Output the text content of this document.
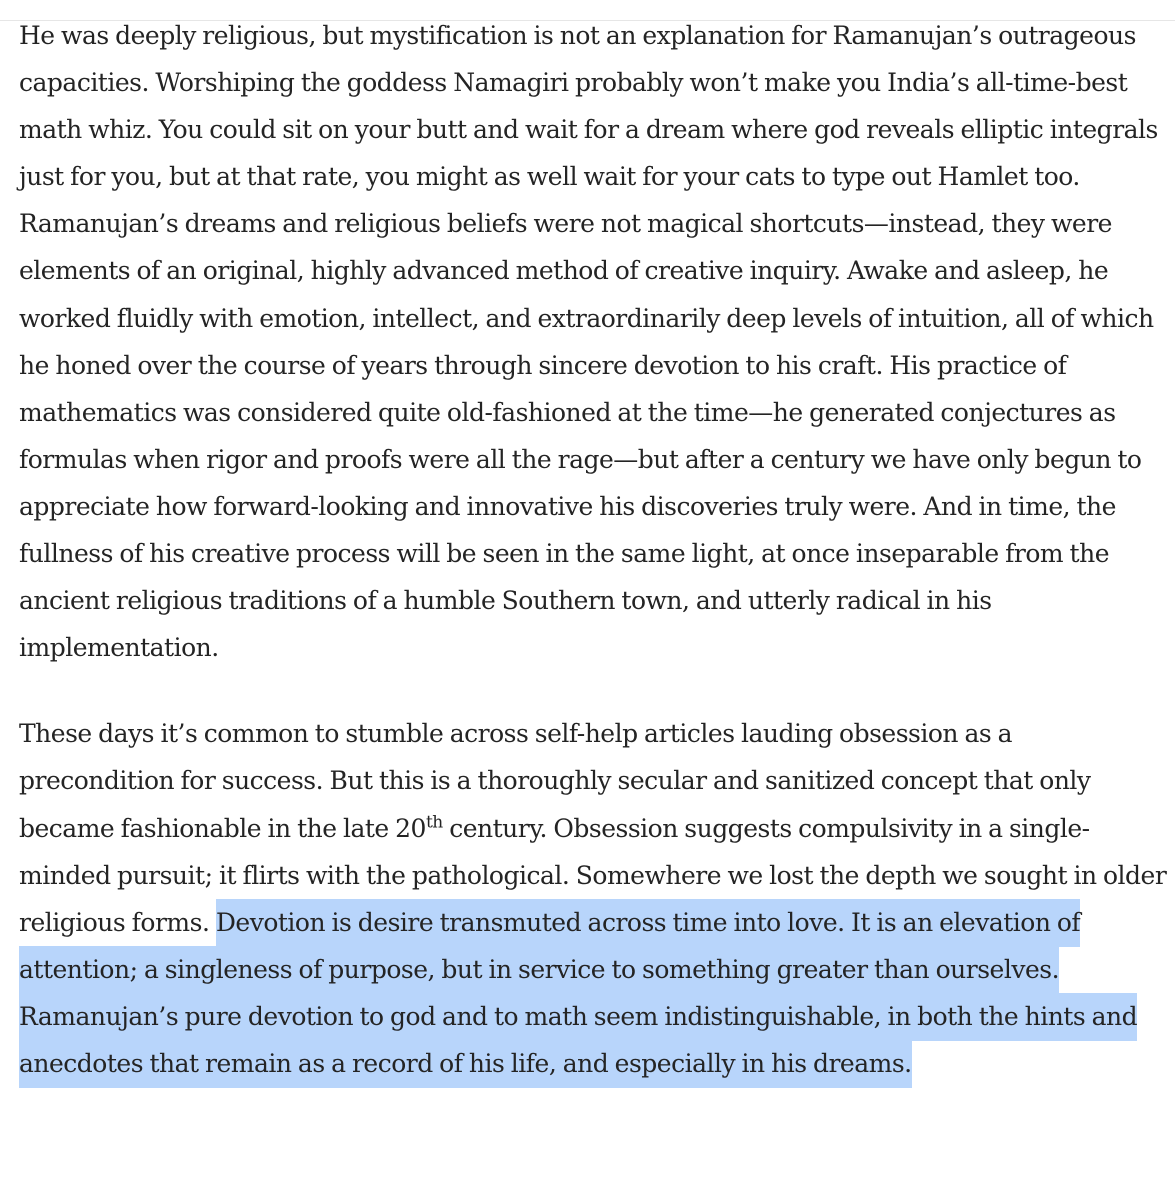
He was deeply religious, but mystification is not an explanation for Ramanujan’s outrageous capacities. Worshiping the goddess Namagiri probably won’t make you India’s all-time-best math whiz. You could sit on your butt and wait for a dream where god reveals elliptic integrals just for you, but at that rate, you might as well wait for your cats to type out Hamlet too. Ramanujan’s dreams and religious beliefs were not magical shortcuts—instead, they were elements of an original, highly advanced method of creative inquiry. Awake and asleep, he worked fluidly with emotion, intellect, and extraordinarily deep levels of intuition, all of which he honed over the course of years through sincere devotion to his craft. His practice of mathematics was considered quite old-fashioned at the time—he generated conjectures as formulas when rigor and proofs were all the rage—but after a century we have only begun to appreciate how forward-looking and innovative his discoveries truly were. And in time, the fullness of his creative process will be seen in the same light, at once inseparable from the ancient religious traditions of a humble Southern town, and utterly radical in his implementation.

These days it’s common to stumble across self-help articles lauding obsession as a precondition for success. But this is a thoroughly secular and sanitized concept that only became fashionable in the late 20th century. Obsession suggests compulsivity in a single-minded pursuit; it flirts with the pathological. Somewhere we lost the depth we sought in older religious forms. Devotion is desire transmuted across time into love. It is an elevation of attention; a singleness of purpose, but in service to something greater than ourselves. Ramanujan’s pure devotion to god and to math seem indistinguishable, in both the hints and anecdotes that remain as a record of his life, and especially in his dreams.
